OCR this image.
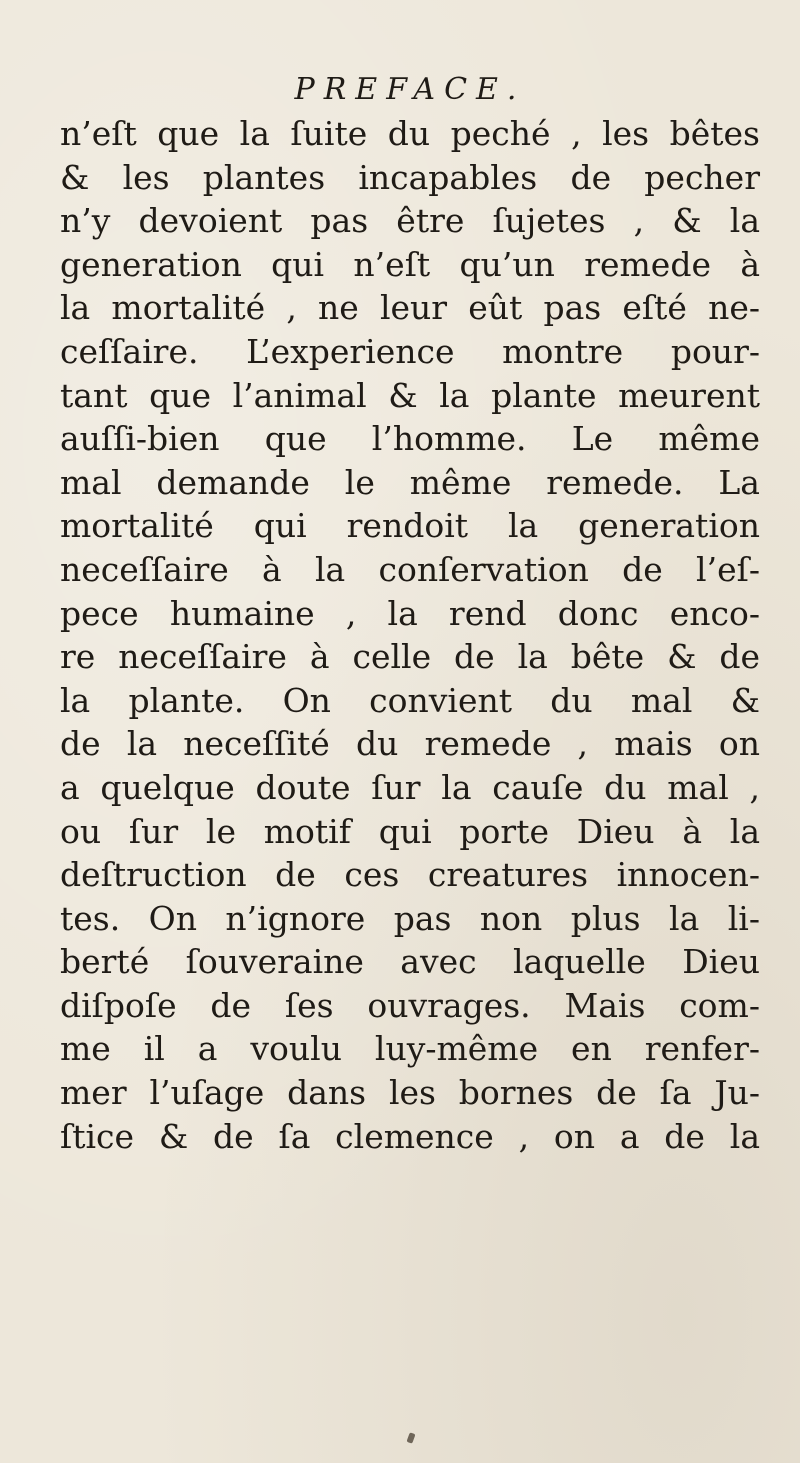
PREFACE.
n’eſt que la ſuite du peché , les bêtes
& les plantes incapables de pecher
n’y devoient pas être ſujetes , & la
generation qui n’eſt qu’un remede à
la mortalité , ne leur eût pas eſté ne-
ceſſaire. L’experience montre pour-
tant que l’animal & la plante meurent
auſſi-bien que l’homme. Le même
mal demande le même remede. La
mortalité qui rendoit la generation
neceſſaire à la conſervation de l’eſ-
pece humaine , la rend donc enco-
re neceſſaire à celle de la bête & de
la plante. On convient du mal &
de la neceſſité du remede , mais on
a quelque doute ſur la cauſe du mal ,
ou ſur le motif qui porte Dieu à la
deſtruction de ces creatures innocen-
tes. On n’ignore pas non plus la li-
berté ſouveraine avec laquelle Dieu
diſpoſe de ſes ouvrages. Mais com-
me il a voulu luy-même en renfer-
mer l’uſage dans les bornes de ſa Ju-
ſtice & de ſa clemence , on a de la
